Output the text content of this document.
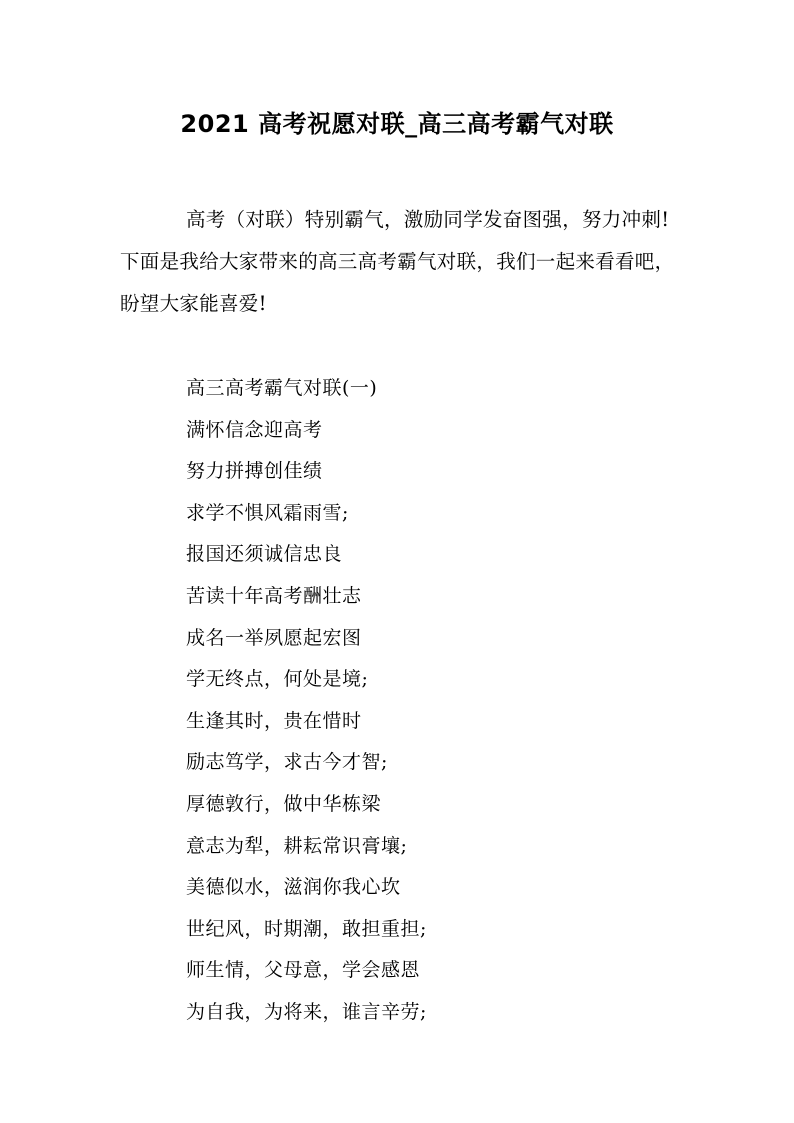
2021 高考祝愿对联_高三高考霸气对联

高考（对联）特别霸气，激励同学发奋图强，努力冲刺!下面是我给大家带来的高三高考霸气对联，我们一起来看看吧，盼望大家能喜爱!

高三高考霸气对联(一)
满怀信念迎高考
努力拼搏创佳绩
求学不惧风霜雨雪;
报国还须诚信忠良
苦读十年高考酬壮志
成名一举夙愿起宏图
学无终点，何处是境;
生逢其时，贵在惜时
励志笃学，求古今才智;
厚德敦行，做中华栋梁
意志为犁，耕耘常识膏壤;
美德似水，滋润你我心坎
世纪风，时期潮，敢担重担;
师生情，父母意，学会感恩
为自我，为将来，谁言辛劳;
